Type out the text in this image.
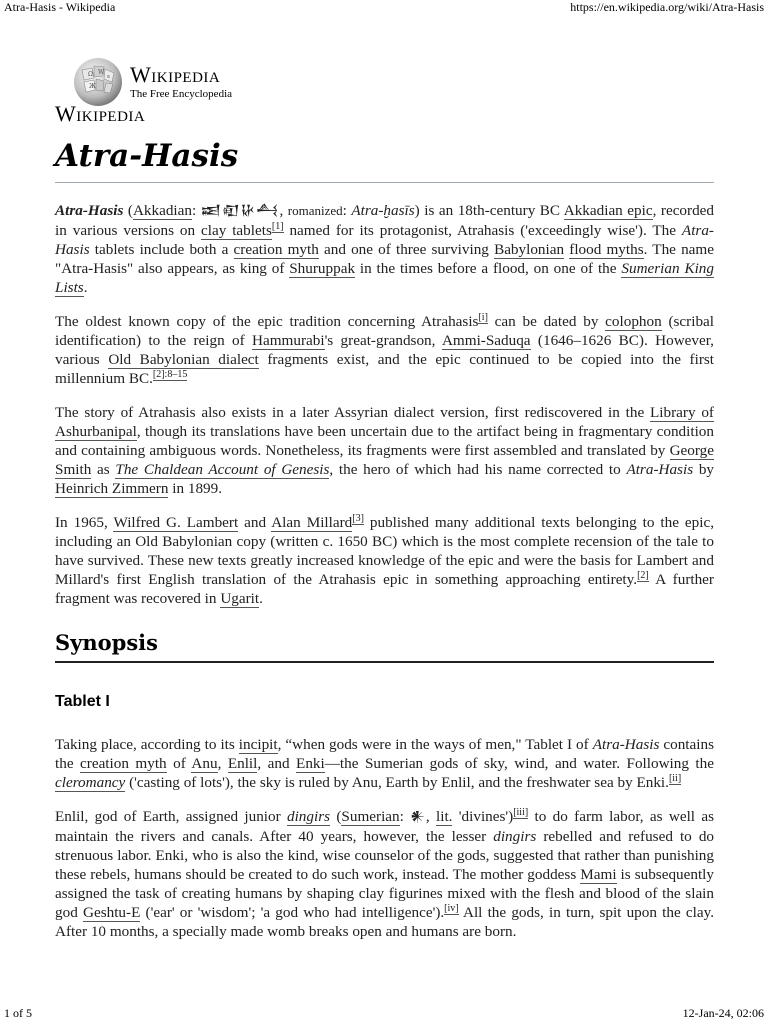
Atra-Hasis - Wikipedia	https://en.wikipedia.org/wiki/Atra-Hasis
Ω W
Ж
ธ Wikipedia
The Free Encyclopedia
Wikipedia
Atra-Hasis

Atra-Hasis (Akkadian: 𒀜𒊏𒄩𒋀, romanized: Atra-ḫasīs) is an 18th-century BC Akkadian epic, recorded in various versions on clay tablets[1] named for its protagonist, Atrahasis ('exceedingly wise'). The Atra-Hasis tablets include both a creation myth and one of three surviving Babylonian flood myths. The name "Atra-Hasis" also appears, as king of Shuruppak in the times before a flood, on one of the Sumerian King Lists.

The oldest known copy of the epic tradition concerning Atrahasis[i] can be dated by colophon (scribal identification) to the reign of Hammurabi's great-grandson, Ammi-Saduqa (1646–1626 BC). However, various Old Babylonian dialect fragments exist, and the epic continued to be copied into the first millennium BC.$^{[2]:8-15}$

The story of Atrahasis also exists in a later Assyrian dialect version, first rediscovered in the Library of Ashurbanipal, though its translations have been uncertain due to the artifact being in fragmentary condition and containing ambiguous words. Nonetheless, its fragments were first assembled and translated by George Smith as The Chaldean Account of Genesis, the hero of which had his name corrected to Atra-Hasis by Heinrich Zimmern in 1899.

In 1965, Wilfred G. Lambert and Alan Millard[3] published many additional texts belonging to the epic, including an Old Babylonian copy (written c. 1650 BC) which is the most complete recension of the tale to have survived. These new texts greatly increased knowledge of the epic and were the basis for Lambert and Millard's first English translation of the Atrahasis epic in something approaching entirety.[2] A further fragment was recovered in Ugarit.

Synopsis
Tablet I

Taking place, according to its incipit, “when gods were in the ways of men," Tablet I of Atra-Hasis contains the creation myth of Anu, Enlil, and Enki—the Sumerian gods of sky, wind, and water. Following the cleromancy ('casting of lots'), the sky is ruled by Anu, Earth by Enlil, and the freshwater sea by Enki.[ii]

Enlil, god of Earth, assigned junior dingirs (Sumerian: 𒀭, lit. 'divines')[iii] to do farm labor, as well as maintain the rivers and canals. After 40 years, however, the lesser dingirs rebelled and refused to do strenuous labor. Enki, who is also the kind, wise counselor of the gods, suggested that rather than punishing these rebels, humans should be created to do such work, instead. The mother goddess Mami is subsequently assigned the task of creating humans by shaping clay figurines mixed with the flesh and blood of the slain god Geshtu-E ('ear' or 'wisdom'; 'a god who had intelligence').[iv] All the gods, in turn, spit upon the clay. After 10 months, a specially made womb breaks open and humans are born.

1 of 5	12-Jan-24, 02:06
